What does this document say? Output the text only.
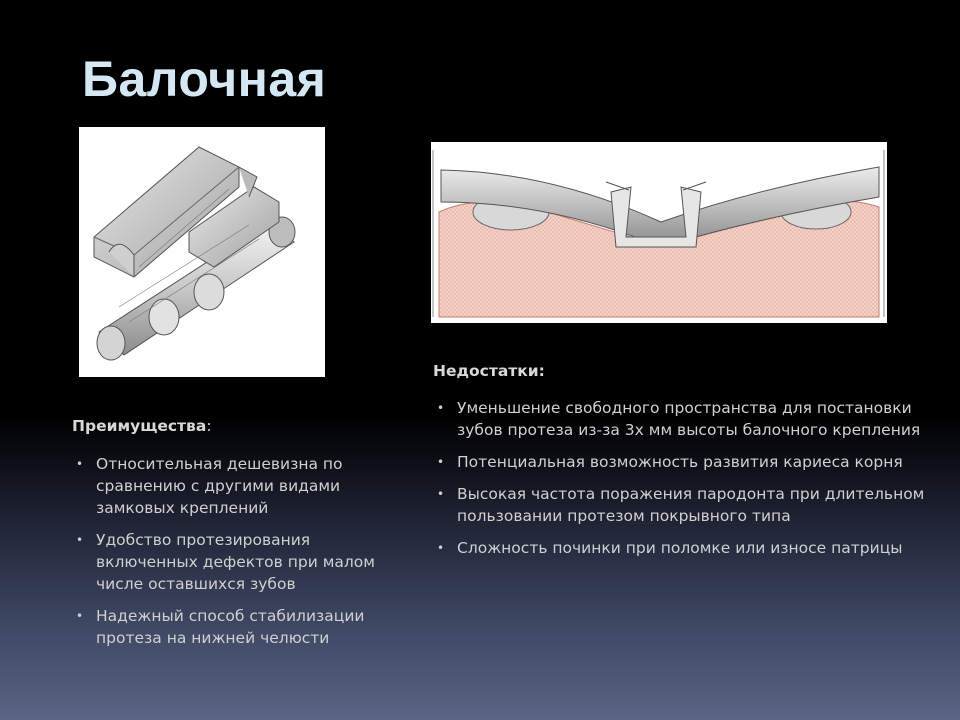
Балочная
Преимущества:
• Относительная дешевизна по сравнению с другими видами замковых креплений
• Удобство протезирования включенных дефектов при малом числе оставшихся зубов
• Надежный способ стабилизации протеза на нижней челюсти
Недостатки:
• Уменьшение свободного пространства для постановки зубов протеза из-за 3х мм высоты балочного крепления
• Потенциальная возможность развития кариеса корня
• Высокая частота поражения пародонта при длительном пользовании протезом покрывного типа
• Сложность починки при поломке или износе патрицы
